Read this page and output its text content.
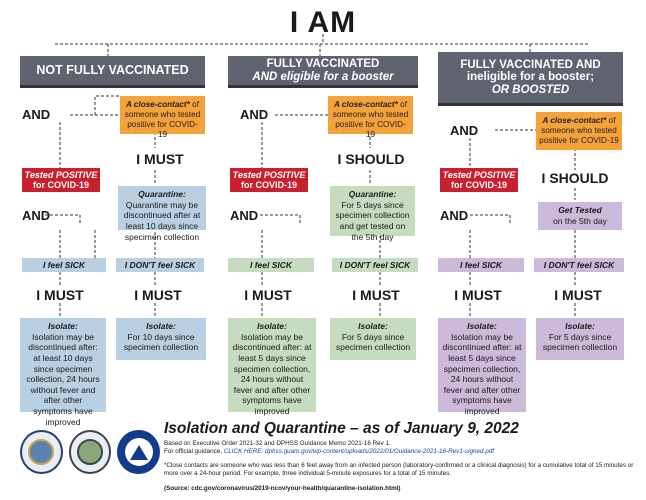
I AM
NOT FULLY VACCINATED
AND
A close-contact* of someone who tested positive for COVID-19
I MUST
Tested POSITIVE
for COVID-19
AND
Quarantine:
Quarantine may be discontinued after at least 10 days since specimen collection
I feel SICK	I DON'T feel SICK
I MUST	I MUST
Isolate:
Isolation may be discontinued after: at least 10 days since specimen collection, 24 hours without fever and after other symptoms have improved
Isolate:
For 10 days since specimen collection
FULLY VACCINATED
AND eligible for a booster
AND
A close-contact* of someone who tested positive for COVID-19
I SHOULD
Tested POSITIVE
for COVID-19
AND
Quarantine:
For 5 days since specimen collection and get tested on the 5th day
I feel SICK	I DON'T feel SICK
I MUST	I MUST
Isolate:
Isolation may be discontinued after: at least 5 days since specimen collection, 24 hours without fever and after other symptoms have improved
Isolate:
For 5 days since specimen collection
FULLY VACCINATED AND
ineligible for a booster;
OR BOOSTED
AND
A close-contact* of someone who tested positive for COVID-19
I SHOULD
Tested POSITIVE
for COVID-19
AND	Get Tested
on the 5th day
I feel SICK	I DON'T feel SICK
I MUST	I MUST
Isolate:
Isolation may be discontinued after: at least 5 days since specimen collection, 24 hours without fever and after other symptoms have improved
Isolate:
For 5 days since specimen collection
Isolation and Quarantine – as of January 9, 2022
Based on Executive Order 2021-32 and DPHSS Guidance Memo 2021-16 Rev 1.
For official guidance, CLICK HERE: dphss.guam.gov/wp-content/uploads/2022/01/Guidance-2021-16-Rev1-signed.pdf
*Close contacts are someone who was less than 6 feet away from an infected person (laboratory-confirmed or a clinical diagnosis) for a cumulative total of 15 minutes or more over a 24-hour period. For example, three individual 5-minute exposures for a total of 15 minutes.
(Source: cdc.gov/coronavirus/2019-ncov/your-health/quarantine-isolation.html)
